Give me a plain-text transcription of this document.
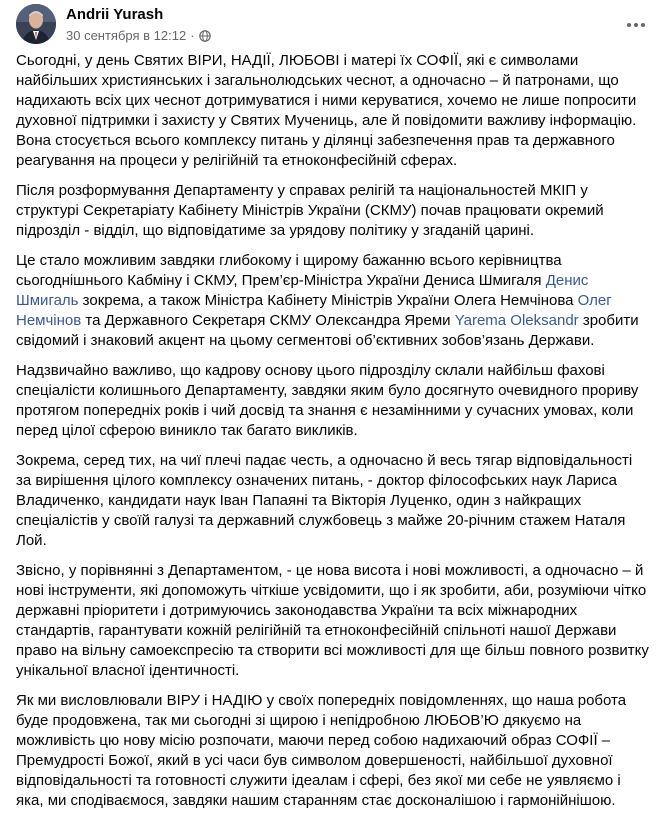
Andrii Yurash
30 сентября в 12:12 ·

Сьогодні, у день Святих ВІРИ, НАДІЇ, ЛЮБОВІ і матері їх СОФІЇ, які є символами найбільших християнських і загальнолюдських чеснот, а одночасно – й патронами, що надихають всіх цих чеснот дотримуватися і ними керуватися, хочемо не лише попросити духовної підтримки і захисту у Святих Мучениць, але й повідомити важливу інформацію. Вона стосується всього комплексу питань у ділянці забезпечення прав та державного реагування на процеси у релігійній та етноконфесійній сферах.

Після розформування Департаменту у справах релігій та національностей МКІП у структурі Секретаріату Кабінету Міністрів України (СКМУ) почав працювати окремий підрозділ - відділ, що відповідатиме за урядову політику у згаданій царині.

Це стало можливим завдяки глибокому і щирому бажанню всього керівництва сьогоднішнього Кабміну і СКМУ, Прем’єр-Міністра України Дениса Шмигаля Денис Шмигаль зокрема, а також Міністра Кабінету Міністрів України Олега Немчінова Олег Немчінов та Державного Секретаря СКМУ Олександра Яреми Yarema Oleksandr зробити свідомий і знаковий акцент на цьому сегментові об’єктивних зобов’язань Держави.

Надзвичайно важливо, що кадрову основу цього підрозділу склали найбільш фахові спеціалісти колишнього Департаменту, завдяки яким було досягнуто очевидного прориву протягом попередніх років і чий досвід та знання є незамінними у сучасних умовах, коли перед цілої сферою виникло так багато викликів.

Зокрема, серед тих, на чиї плечі падає честь, а одночасно й весь тягар відповідальності за вирішення цілого комплексу означених питань, - доктор філософських наук Лариса Владиченко, кандидати наук Іван Папаяні та Вікторія Луценко, один з найкращих спеціалістів у своїй галузі та державний службовець з майже 20-річним стажем Наталя Лой.

Звісно, у порівнянні з Департаментом, - це нова висота і нові можливості, а одночасно – й нові інструменти, які допоможуть чіткіше усвідомити, що і як зробити, аби, розуміючи чітко державні пріоритети і дотримуючись законодавства України та всіх міжнародних стандартів, гарантувати кожній релігійній та етноконфесійній спільноті нашої Держави право на вільну самоекспресію та створити всі можливості для ще більш повного розвитку унікальної власної ідентичності.

Як ми висловлювали ВІРУ і НАДІЮ у своїх попередніх повідомленнях, що наша робота буде продовжена, так ми сьогодні зі щирою і непідробною ЛЮБОВ’Ю дякуємо на можливість цю нову місію розпочати, маючи перед собою надихаючий образ СОФІЇ – Премудрості Божої, який в усі часи був символом довершеності, найбільшої духовної відповідальності та готовності служити ідеалам і сфері, без якої ми себе не уявляємо і яка, ми сподіваємося, завдяки нашим старанням стає досконалішою і гармонійнішою.
